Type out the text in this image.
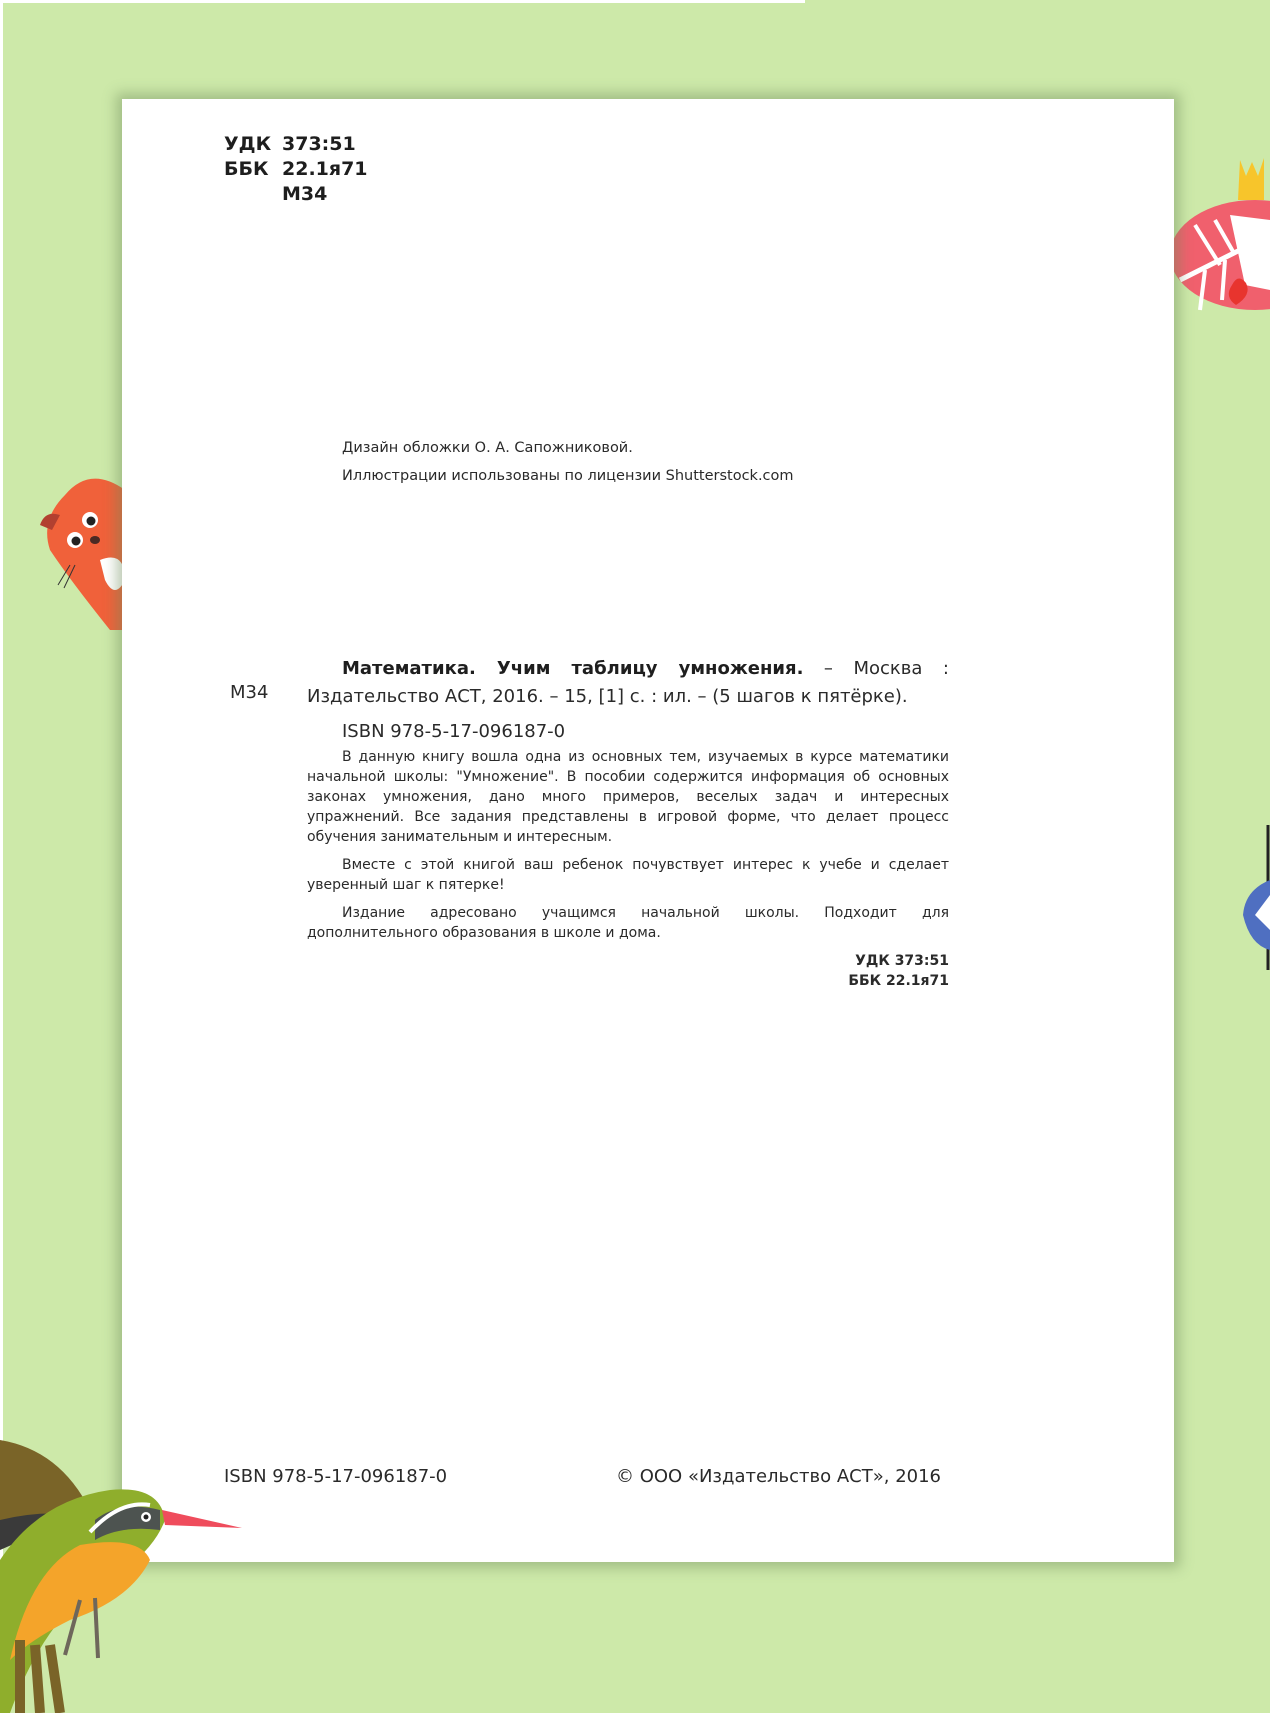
УДК 373:51
ББК 22.1я71
М34
Дизайн обложки О. А. Сапожниковой.
Иллюстрации использованы по лицензии Shutterstock.com
М34
Математика. Учим таблицу умножения. – Москва : Издательство АСТ, 2016. – 15, [1] с. : ил. – (5 шагов к пятёрке).
ISBN 978-5-17-096187-0

В данную книгу вошла одна из основных тем, изучаемых в курсе математики начальной школы: "Умножение". В пособии содержится информация об основных законах умножения, дано много примеров, веселых задач и интересных упражнений. Все задания представлены в игровой форме, что делает процесс обучения занимательным и интересным.

Вместе с этой книгой ваш ребенок почувствует интерес к учебе и сделает уверенный шаг к пятерке!

Издание адресовано учащимся начальной школы. Подходит для дополнительного образования в школе и дома.

УДК 373:51
ББК 22.1я71
ISBN 978-5-17-096187-0	© ООО «Издательство АСТ», 2016
